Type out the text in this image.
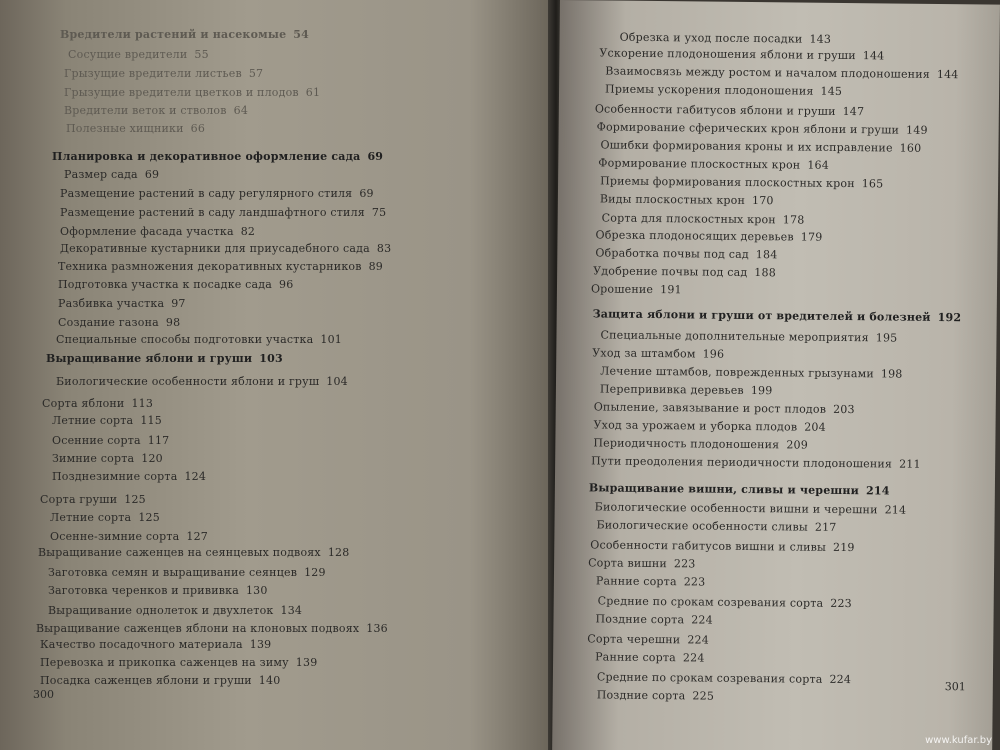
Вредители растений и насекомые 54
Сосущие вредители 55
Грызущие вредители листьев 57
Грызущие вредители цветков и плодов 61
Вредители веток и стволов 64
Полезные хищники 66
Планировка и декоративное оформление сада 69
Размер сада 69
Размещение растений в саду регулярного стиля 69
Размещение растений в саду ландшафтного стиля 75
Оформление фасада участка 82
Декоративные кустарники для приусадебного сада 83
Техника размножения декоративных кустарников 89
Подготовка участка к посадке сада 96
Разбивка участка 97
Создание газона 98
Специальные способы подготовки участка 101
Выращивание яблони и груши 103
Биологические особенности яблони и груш 104
Сорта яблони 113
Летние сорта 115
Осенние сорта 117
Зимние сорта 120
Позднезимние сорта 124
Сорта груши 125
Летние сорта 125
Осенне-зимние сорта 127
Выращивание саженцев на сеянцевых подвоях 128
Заготовка семян и выращивание сеянцев 129
Заготовка черенков и прививка 130
Выращивание однолеток и двухлеток 134
Выращивание саженцев яблони на клоновых подвоях 136
Качество посадочного материала 139
Перевозка и прикопка саженцев на зиму 139
Посадка саженцев яблони и груши 140
300
Обрезка и уход после посадки 143
Ускорение плодоношения яблони и груши 144
Взаимосвязь между ростом и началом плодоношения 144
Приемы ускорения плодоношения 145
Особенности габитусов яблони и груши 147
Формирование сферических крон яблони и груши 149
Ошибки формирования кроны и их исправление 160
Формирование плоскостных крон 164
Приемы формирования плоскостных крон 165
Виды плоскостных крон 170
Сорта для плоскостных крон 178
Обрезка плодоносящих деревьев 179
Обработка почвы под сад 184
Удобрение почвы под сад 188
Орошение 191
Защита яблони и груши от вредителей и болезней 192
Специальные дополнительные мероприятия 195
Уход за штамбом 196
Лечение штамбов, поврежденных грызунами 198
Перепрививка деревьев 199
Опыление, завязывание и рост плодов 203
Уход за урожаем и уборка плодов 204
Периодичность плодоношения 209
Пути преодоления периодичности плодоношения 211
Выращивание вишни, сливы и черешни 214
Биологические особенности вишни и черешни 214
Биологические особенности сливы 217
Особенности габитусов вишни и сливы 219
Сорта вишни 223
Ранние сорта 223
Средние по срокам созревания сорта 223
Поздние сорта 224
Сорта черешни 224
Ранние сорта 224
Средние по срокам созревания сорта 224
Поздние сорта 225
301
www.kufar.by
